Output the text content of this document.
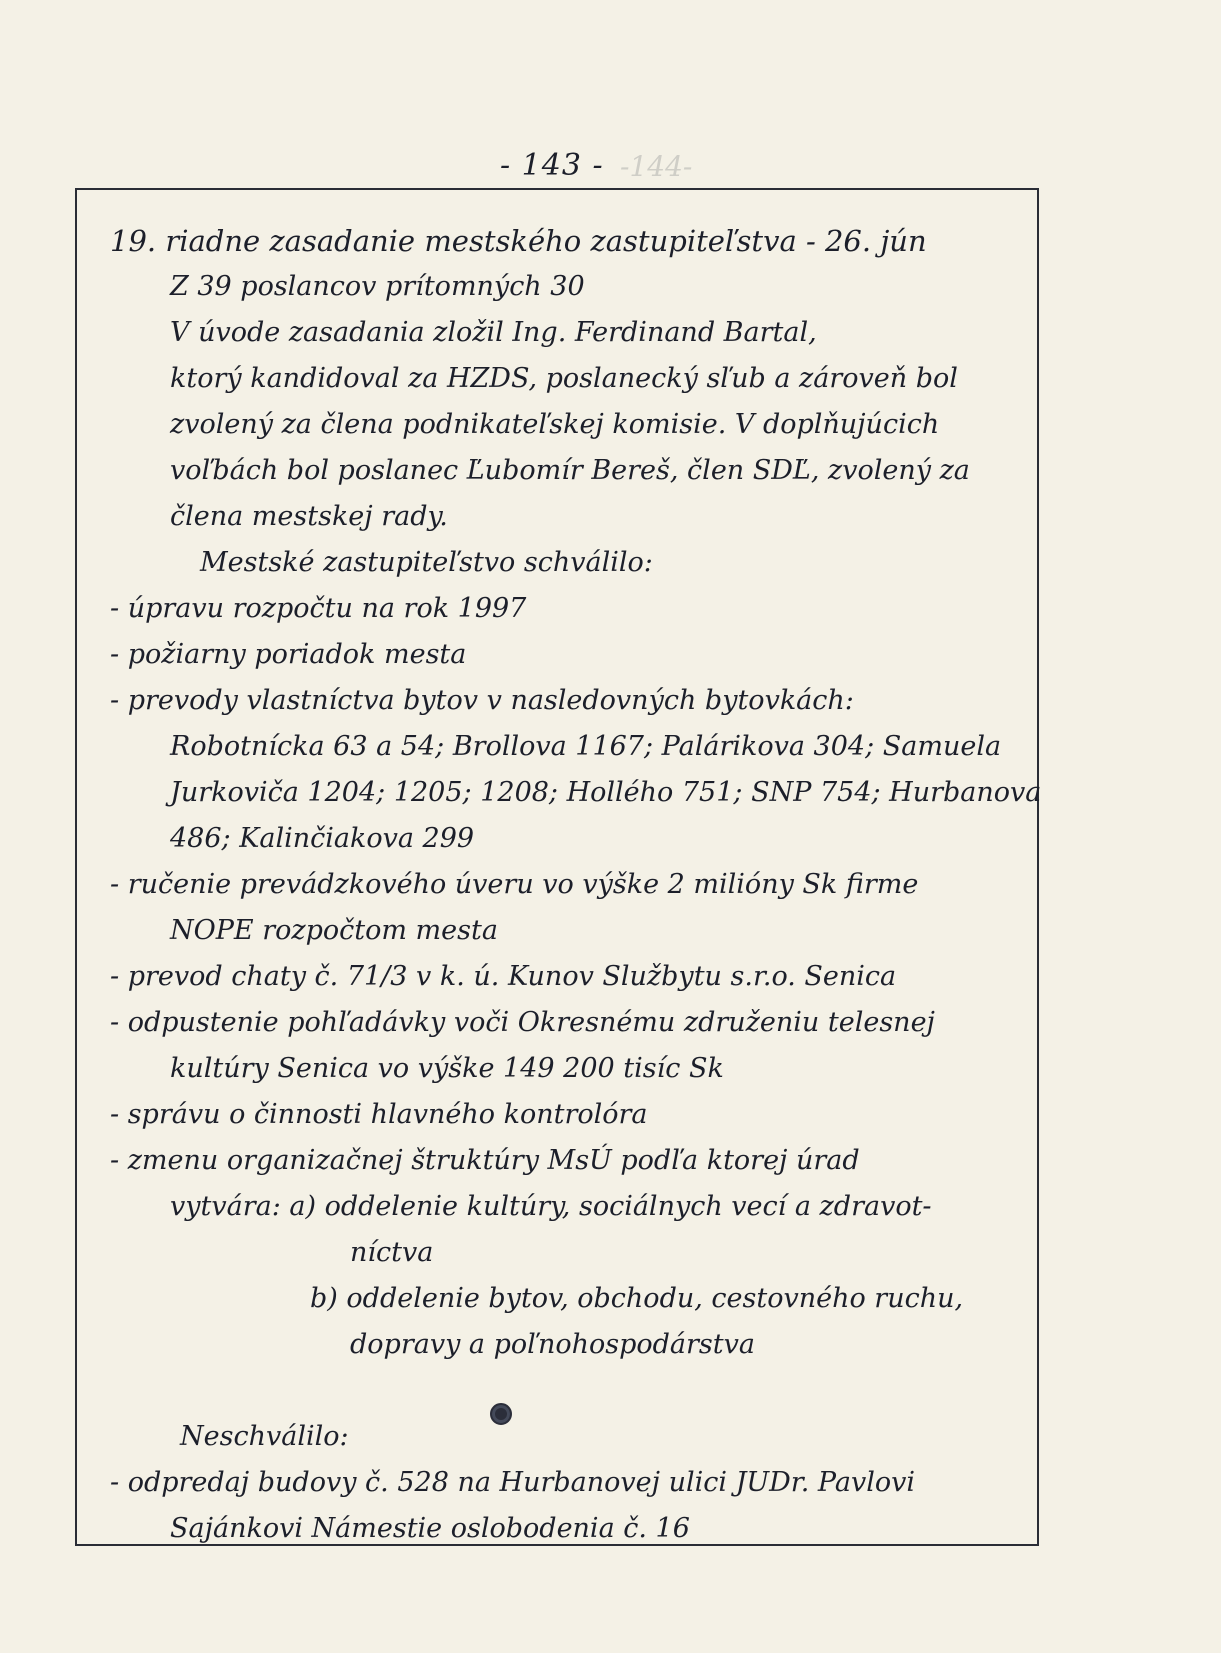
- 143 - -144-
19. riadne zasadanie mestského zastupiteľstva - 26. jún
Z 39 poslancov prítomných 30
V úvode zasadania zložil Ing. Ferdinand Bartal,
ktorý kandidoval za HZDS, poslanecký sľub a zároveň bol
zvolený za člena podnikateľskej komisie. V doplňujúcich
voľbách bol poslanec Ľubomír Bereš, člen SDĽ, zvolený za
člena mestskej rady.
Mestské zastupiteľstvo schválilo:
- úpravu rozpočtu na rok 1997
- požiarny poriadok mesta
- prevody vlastníctva bytov v nasledovných bytovkách:
Robotnícka 63 a 54; Brollova 1167; Palárikova 304; Samuela
Jurkoviča 1204; 1205; 1208; Hollého 751; SNP 754; Hurbanova
486; Kalinčiakova 299
- ručenie prevádzkového úveru vo výške 2 milióny Sk firme
NOPE rozpočtom mesta
- prevod chaty č. 71/3 v k. ú. Kunov Službytu s.r.o. Senica
- odpustenie pohľadávky voči Okresnému združeniu telesnej
kultúry Senica vo výške 149 200 tisíc Sk
- správu o činnosti hlavného kontrolóra
- zmenu organizačnej štruktúry MsÚ podľa ktorej úrad
vytvára: a) oddelenie kultúry, sociálnych vecí a zdravot-
níctva
b) oddelenie bytov, obchodu, cestovného ruchu,
dopravy a poľnohospodárstva
Neschválilo:
- odpredaj budovy č. 528 na Hurbanovej ulici JUDr. Pavlovi
Sajánkovi Námestie oslobodenia č. 16
